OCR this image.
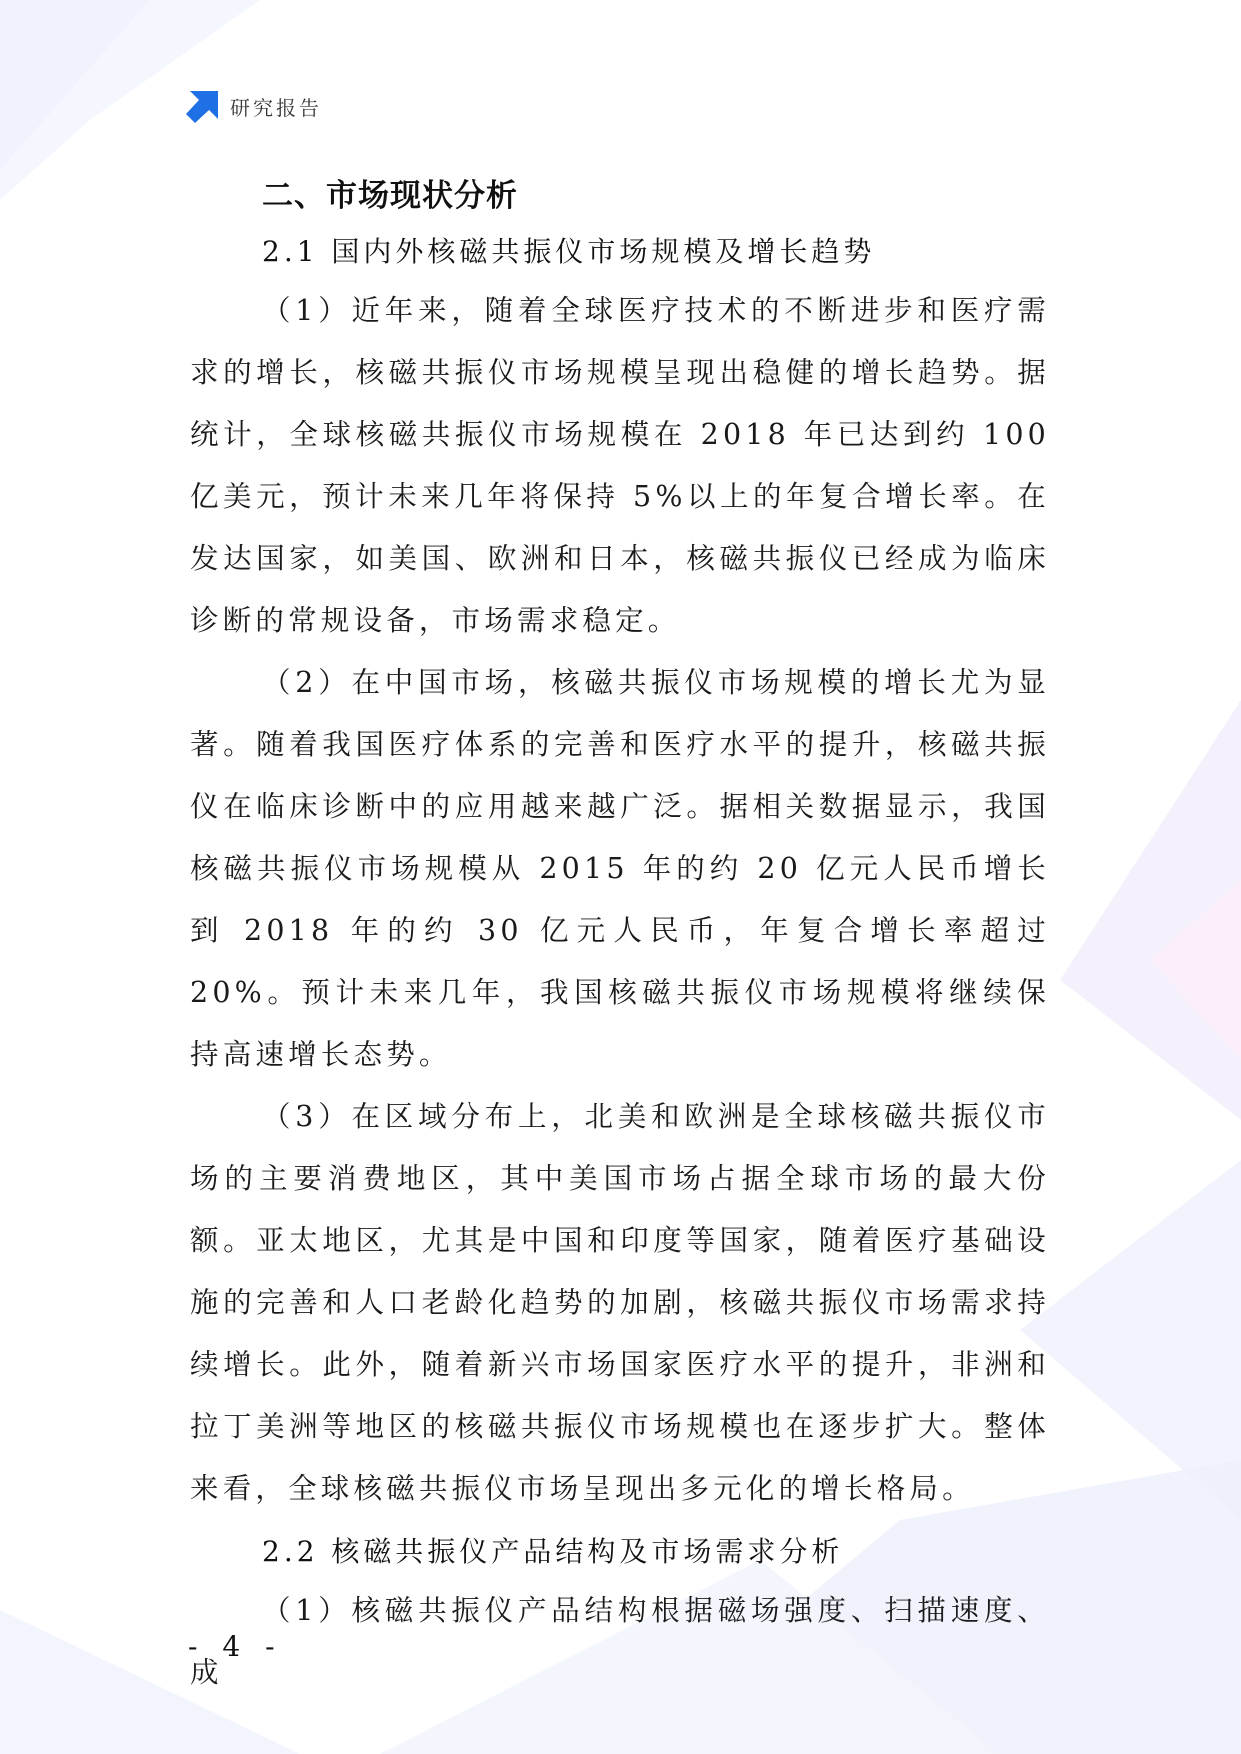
研究报告
二、市场现状分析
2.1 国内外核磁共振仪市场规模及增长趋势

（1）近年来，随着全球医疗技术的不断进步和医疗需求的增长，核磁共振仪市场规模呈现出稳健的增长趋势。据统计，全球核磁共振仪市场规模在 2018 年已达到约 100 亿美元，预计未来几年将保持 5%以上的年复合增长率。在发达国家，如美国、欧洲和日本，核磁共振仪已经成为临床诊断的常规设备，市场需求稳定。

（2）在中国市场，核磁共振仪市场规模的增长尤为显著。随着我国医疗体系的完善和医疗水平的提升，核磁共振仪在临床诊断中的应用越来越广泛。据相关数据显示，我国核磁共振仪市场规模从 2015 年的约 20 亿元人民币增长到 2018 年的约 30 亿元人民币，年复合增长率超过 20%。预计未来几年，我国核磁共振仪市场规模将继续保持高速增长态势。

（3）在区域分布上，北美和欧洲是全球核磁共振仪市场的主要消费地区，其中美国市场占据全球市场的最大份额。亚太地区，尤其是中国和印度等国家，随着医疗基础设施的完善和人口老龄化趋势的加剧，核磁共振仪市场需求持续增长。此外，随着新兴市场国家医疗水平的提升，非洲和拉丁美洲等地区的核磁共振仪市场规模也在逐步扩大。整体来看，全球核磁共振仪市场呈现出多元化的增长格局。

2.2 核磁共振仪产品结构及市场需求分析

（1）核磁共振仪产品结构根据磁场强度、扫描速度、成

- 4 -
